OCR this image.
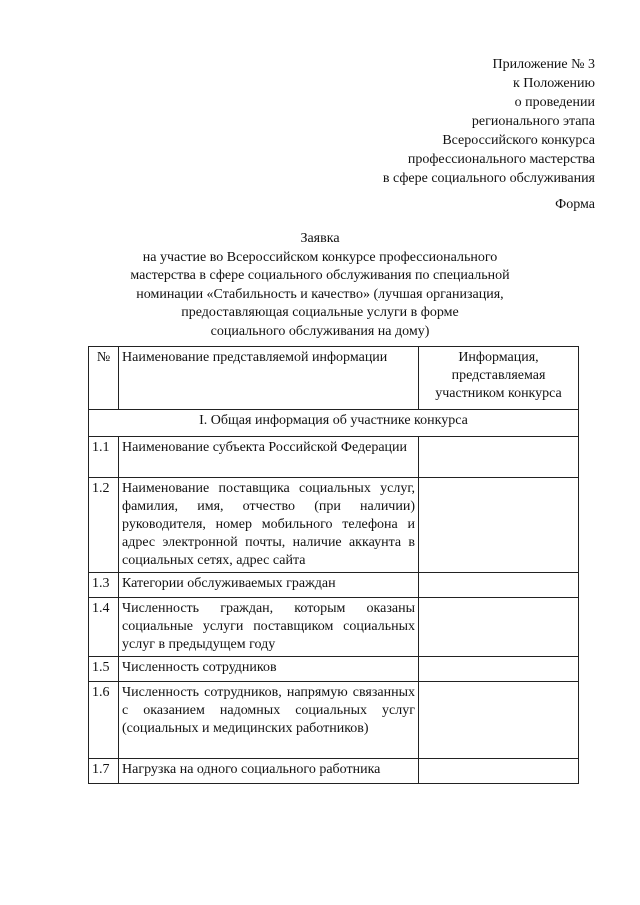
Приложение № 3
к Положению
о проведении
регионального этапа
Всероссийского конкурса
профессионального мастерства
в сфере социального обслуживания
Форма
Заявка
на участие во Всероссийском конкурсе профессионального
мастерства в сфере социального обслуживания по специальной
номинации «Стабильность и качество» (лучшая организация,
предоставляющая социальные услуги в форме
социального обслуживания на дому)
№	Наименование представляемой информации	Информация, представляемая участником конкурса
I. Общая информация об участнике конкурса		
1.1	Наименование субъекта Российской Федерации	
1.2	Наименование поставщика социальных услуг, фамилия, имя, отчество (при наличии) руководителя, номер мобильного телефона и адрес электронной почты, наличие аккаунта в социальных сетях, адрес сайта	
1.3	Категории обслуживаемых граждан	
1.4	Численность граждан, которым оказаны социальные услуги поставщиком социальных услуг в предыдущем году	
1.5	Численность сотрудников	
1.6	Численность сотрудников, напрямую связанных с оказанием надомных социальных услуг (социальных и медицинских работников)	
1.7	Нагрузка на одного социального работника	
